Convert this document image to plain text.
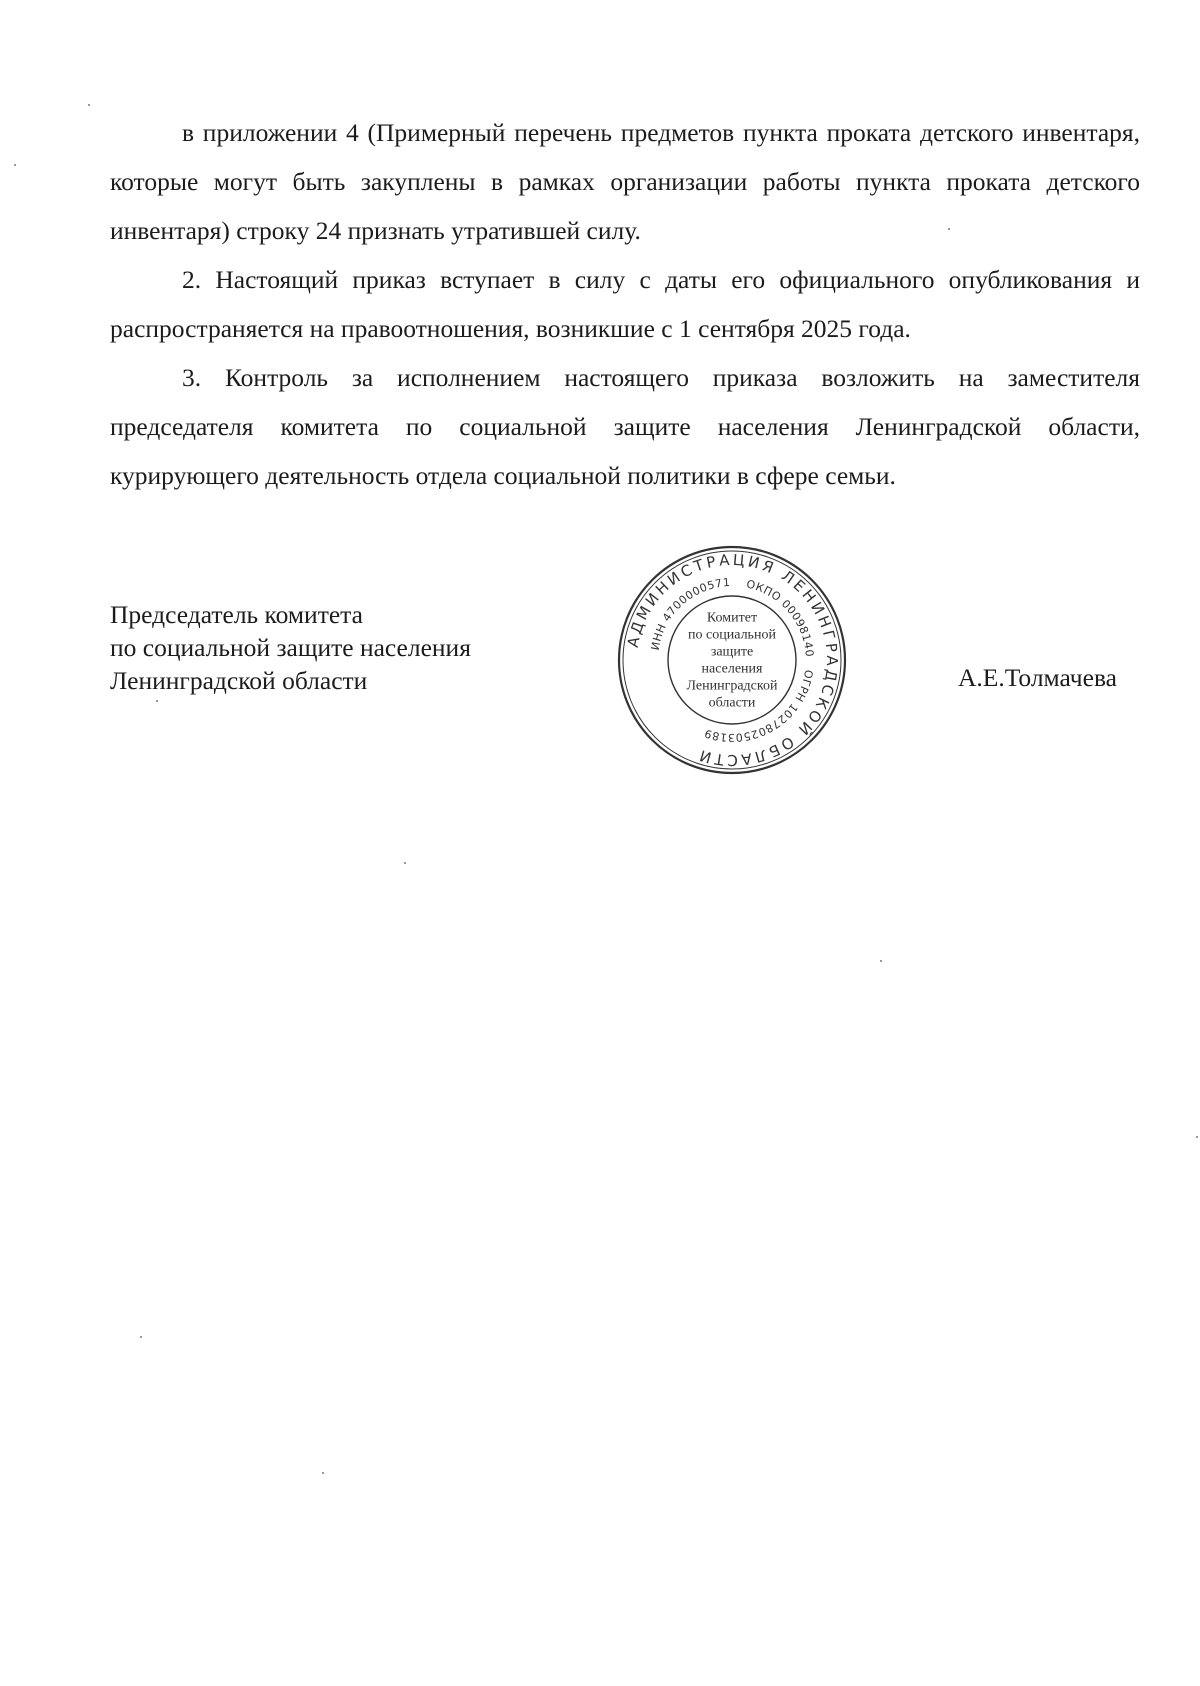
в приложении 4 (Примерный перечень предметов пункта проката детского инвентаря, которые могут быть закуплены в рамках организации работы пункта проката детского инвентаря) строку 24 признать утратившей силу.

2. Настоящий приказ вступает в силу с даты его официального опубликования и распространяется на правоотношения, возникшие с 1 сентября 2025 года.

3. Контроль за исполнением настоящего приказа возложить на заместителя председателя комитета по социальной защите населения Ленинградской области, курирующего деятельность отдела социальной политики в сфере семьи.

Председатель комитета
по социальной защите населения
Ленинградской области
АДМИНИСТРАЦИЯ ЛЕНИНГРАДСКОЙ ОБЛАСТИ
ОКПО 00098140
ОГРН 1027802503189
ИНН 4700000571
Комитет
по социальной
защите
населения
Ленинградской
области
А.Е.Толмачева
